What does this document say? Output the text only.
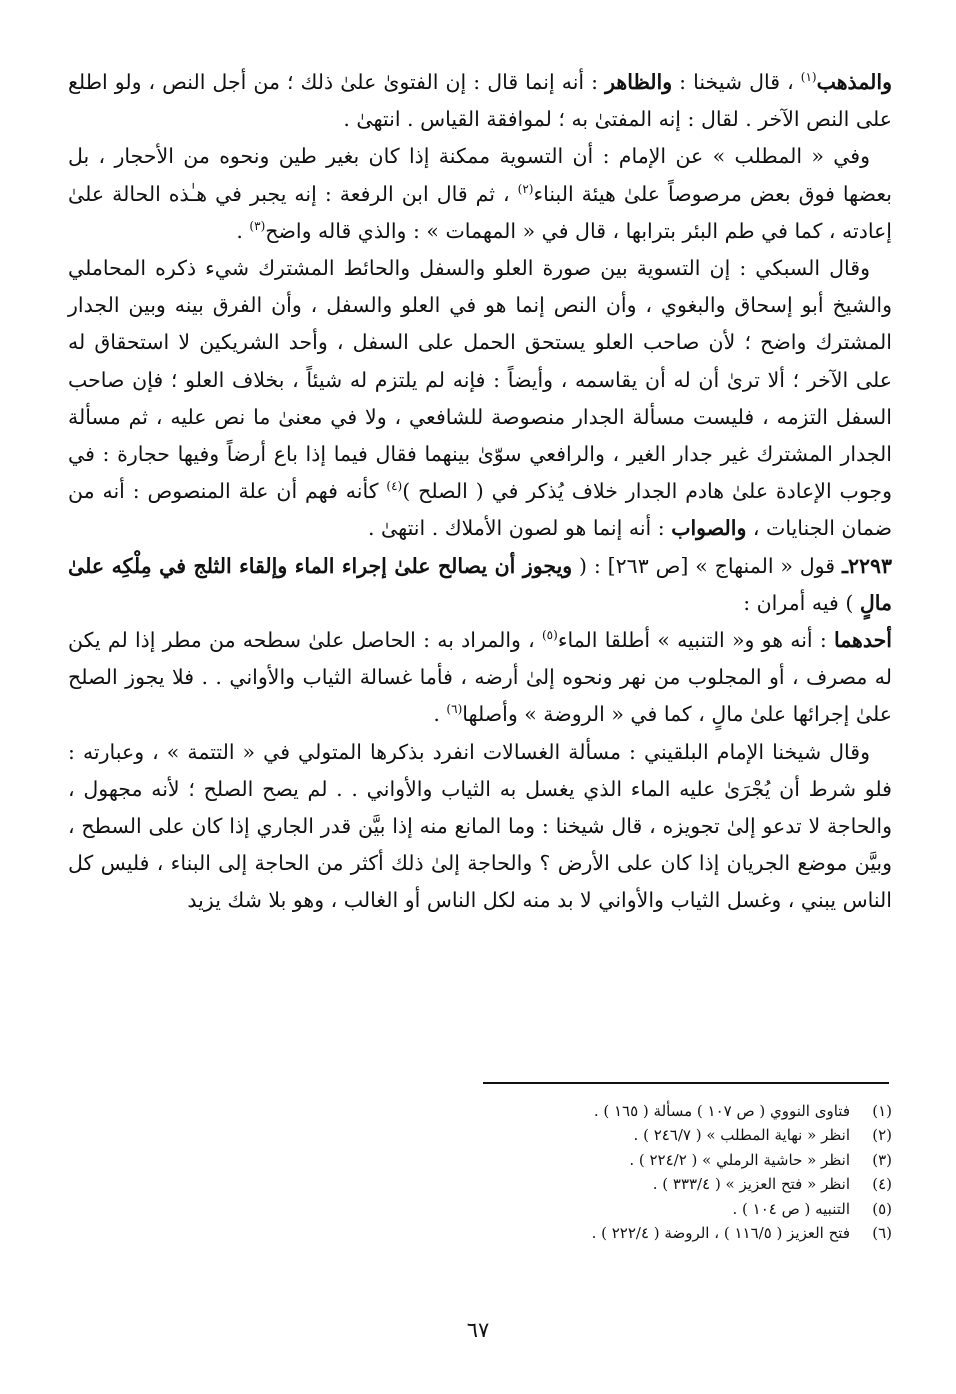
والمذهب$^{(١)}$ ، قال شيخنا : والظاهر : أنه إنما قال : إن الفتوىٰ علىٰ ذلك ؛ من أجل النص ، ولو اطلع على النص الآخر . لقال : إنه المفتىٰ به ؛ لموافقة القياس . انتهىٰ .

وفي « المطلب » عن الإمام : أن التسوية ممكنة إذا كان بغير طين ونحوه من الأحجار ، بل بعضها فوق بعض مرصوصاً علىٰ هيئة البناء$^{(٢)}$ ، ثم قال ابن الرفعة : إنه يجبر في هـٰذه الحالة علىٰ إعادته ، كما في طم البئر بترابها ، قال في « المهمات » : والذي قاله واضح$^{(٣)}$ .

وقال السبكي : إن التسوية بين صورة العلو والسفل والحائط المشترك شيء ذكره المحاملي والشيخ أبو إسحاق والبغوي ، وأن النص إنما هو في العلو والسفل ، وأن الفرق بينه وبين الجدار المشترك واضح ؛ لأن صاحب العلو يستحق الحمل على السفل ، وأحد الشريكين لا استحقاق له على الآخر ؛ ألا ترىٰ أن له أن يقاسمه ، وأيضاً : فإنه لم يلتزم له شيئاً ، بخلاف العلو ؛ فإن صاحب السفل التزمه ، فليست مسألة الجدار منصوصة للشافعي ، ولا في معنىٰ ما نص عليه ، ثم مسألة الجدار المشترك غير جدار الغير ، والرافعي سوّىٰ بينهما فقال فيما إذا باع أرضاً وفيها حجارة : في وجوب الإعادة علىٰ هادم الجدار خلاف يُذكر في ( الصلح )$^{(٤)}$ كأنه فهم أن علة المنصوص : أنه من ضمان الجنايات ، والصواب : أنه إنما هو لصون الأملاك . انتهىٰ .

٢٢٩٣ـ قول « المنهاج » [ص ٢٦٣] : ( ويجوز أن يصالح علىٰ إجراء الماء وإلقاء الثلج في مِلْكِه علىٰ مالٍ ) فيه أمران :

أحدهما : أنه هو و« التنبيه » أطلقا الماء$^{(٥)}$ ، والمراد به : الحاصل علىٰ سطحه من مطر إذا لم يكن له مصرف ، أو المجلوب من نهر ونحوه إلىٰ أرضه ، فأما غسالة الثياب والأواني . . فلا يجوز الصلح علىٰ إجرائها علىٰ مالٍ ، كما في « الروضة » وأصلها$^{(٦)}$ .

وقال شيخنا الإمام البلقيني : مسألة الغسالات انفرد بذكرها المتولي في « التتمة » ، وعبارته : فلو شرط أن يُجْرَىٰ عليه الماء الذي يغسل به الثياب والأواني . . لم يصح الصلح ؛ لأنه مجهول ، والحاجة لا تدعو إلىٰ تجويزه ، قال شيخنا : وما المانع منه إذا بيَّن قدر الجاري إذا كان على السطح ، وبيَّن موضع الجريان إذا كان على الأرض ؟ والحاجة إلىٰ ذلك أكثر من الحاجة إلى البناء ، فليس كل الناس يبني ، وغسل الثياب والأواني لا بد منه لكل الناس أو الغالب ، وهو بلا شك يزيد

(١)فتاوى النووي ( ص ١٠٧ ) مسألة ( ١٦٥ ) .
(٢)انظر « نهاية المطلب » ( ٢٤٦/٧ ) .
(٣)انظر « حاشية الرملي » ( ٢٢٤/٢ ) .
(٤)انظر « فتح العزيز » ( ٣٣٣/٤ ) .
(٥)التنبيه ( ص ١٠٤ ) .
(٦)فتح العزيز ( ١١٦/٥ ) ، الروضة ( ٢٢٢/٤ ) .
٦٧
